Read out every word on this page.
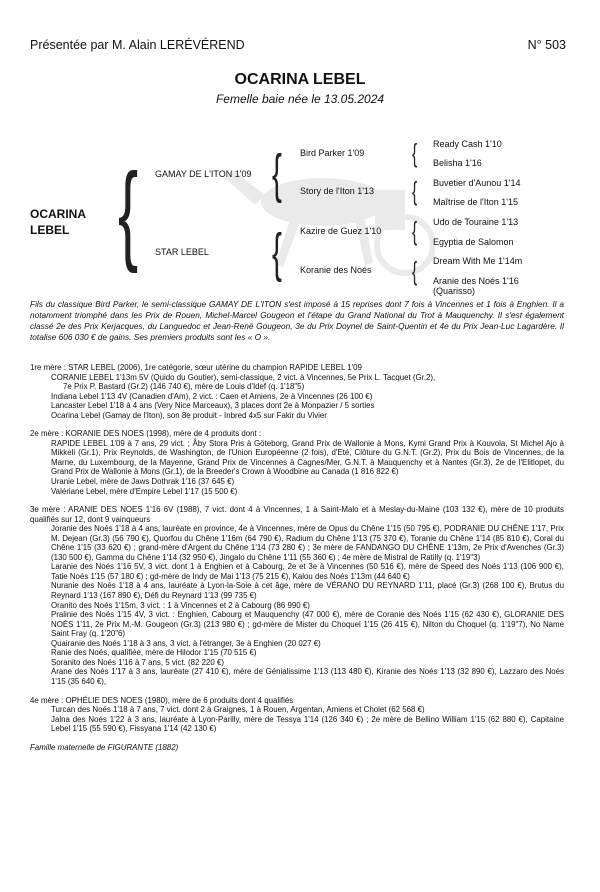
Présentée par M. Alain LERÉVÉREND	N° 503
OCARINA LEBEL
Femelle baie née le 13.05.2024
OCARINA
LEBEL { GAMAY DE L'ITON 1'09
STAR LEBEL
{
{
Bird Parker 1'09
Story de l'Iton 1'13
Kazire de Guez 1'10
Koranie des Noés
{
{
{
{
Ready Cash 1'10
Belisha 1'16
Buvetier d'Aunou 1'14
Maîtrise de l'Iton 1'15
Udo de Touraine 1'13
Egyptia de Salomon
Dream With Me 1'14m
Aranie des Noés 1'16
(Quarisso)
Fils du classique Bird Parker, le semi-classique GAMAY DE L'ITON s'est imposé à 15 reprises dont 7 fois à Vincennes et 1 fois à Enghien. Il a notamment triomphé dans les Prix de Rouen, Michel-Marcel Gougeon et l'étape du Grand National du Trot à Mauquenchy. Il s'est également classé 2e des Prix Kerjacques, du Languedoc et Jean-René Gougeon, 3e du Prix Doynel de Saint-Quentin et 4e du Prix Jean-Luc Lagardère. Il totalise 606 030 € de gains. Ses premiers produits sont les « O ».

1re mère : STAR LEBEL (2006), 1re catégorie, sœur utérine du champion RAPIDE LEBEL 1'09

CORANIE LEBEL 1'13m 5V (Quido du Goutier), semi-classique, 2 vict. à Vincennes, 5e Prix L. Tacquet (Gr.2),

7e Prix P. Bastard (Gr.2) (146 740 €), mère de Louis d'Idef (q. 1'18"5)

Indiana Lebel 1'13 4V (Canadien d'Am), 2 vict. : Caen et Amiens, 2e à Vincennes (26 100 €)

Lancaster Lebel 1'18 à 4 ans (Very Nice Marceaux), 3 places dont 2e à Monpazier / 5 sorties

Ocarina Lebel (Gamay de l'Iton), son 8e produit - Inbred 4x5 sur Fakir du Vivier

2e mère : KORANIE DES NOES (1998), mère de 4 produits dont :

RAPIDE LEBEL 1'09 à 7 ans, 29 vict. ; Åby Stora Pris à Göteborg, Grand Prix de Wallonie à Mons, Kymi Grand Prix à Kouvola, St Michel Ajo à Mikkeli (Gr.1), Prix Reynolds, de Washington, de l'Union Européenne (2 fois), d'Eté, Clôture du G.N.T. (Gr.2), Prix du Bois de Vincennes, de la Marne, du Luxembourg, de la Mayenne, Grand Prix de Vincennes à Cagnes/Mer, G.N.T. à Mauquenchy et à Nantes (Gr.3), 2e de l'Elitlopet, du Grand Prix de Wallonie à Mons (Gr.1), de la Breeder's Crown à Woodbine au Canada (1 816 822 €)

Uranie Lebel, mère de Jaws Dothrak 1'16 (37 645 €)

Valériane Lebel, mère d'Empire Lebel 1'17 (15 500 €)

3e mère : ARANIE DES NOES 1'16 6V (1988), 7 vict. dont 4 à Vincennes, 1 à Saint-Malo et à Meslay-du-Maine (103 132 €), mère de 10 produits qualifiés sur 12, dont 9 vainqueurs

Joranie des Noés 1'18 à 4 ans, lauréate en province, 4e à Vincennes, mère de Opus du Chêne 1'15 (50 795 €), PODRANIE DU CHÊNE 1'17, Prix M. Dejean (Gr.3) (56 790 €), Quorfou du Chêne 1'16m (64 790 €), Radium du Chêne 1'13 (75 370 €), Toranie du Chêne 1'14 (85 810 €), Coral du Chêne 1'15 (33 620 €) ; grand-mère d'Argent du Chêne 1'14 (73 280 €) ; 3e mère de FANDANGO DU CHÊNE 1'13m, 2e Prix d'Avenches (Gr.3) (130 500 €), Gamma du Chêne 1'14 (32 950 €), Jingalo du Chêne 1'11 (55 360 €) ; 4e mère de Mistral de Ratilly (q. 1'19"3)

Laranie des Noés 1'16 5V, 3 vict. dont 1 à Enghien et à Cabourg, 2e et 3e à Vincennes (50 516 €), mère de Speed des Noés 1'13 (106 900 €), Tatie Noés 1'15 (57 180 €) ; gd-mère de Indy de Mai 1'13 (75 215 €), Kalou des Noés 1'13m (44 640 €)

Nuranie des Noés 1'18 à 4 ans, lauréate à Lyon-la-Soie à cet âge, mère de VÉRANO DU REYNARD 1'11, placé (Gr.3) (268 100 €), Brutus du Reynard 1'13 (167 890 €), Défi du Reynard 1'13 (99 735 €)

Oranito des Noés 1'15m, 3 vict. : 1 à Vincennes et 2 à Cabourg (86 990 €)

Pralinie des Noés 1'15 4V, 3 vict. : Enghien, Cabourg et Mauquenchy (47 000 €), mère de Coranie des Noés 1'15 (62 430 €), GLORANIE DES NOÉS 1'11, 2e Prix M.-M. Gougeon (Gr.3) (213 980 €) ; gd-mère de Mister du Choquel 1'15 (26 415 €), Nilton du Choquel (q. 1'19"7), No Name Saint Fray (q. 1'20"6)

Quairanie des Noés 1'18 à 3 ans, 3 vict. à l'étranger, 3e à Enghien (20 027 €)

Ranie des Noés, qualifiée, mère de Hilodor 1'15 (70 515 €)

Soranito des Noés 1'16 à 7 ans, 5 vict. (82 220 €)

Arane des Noés 1'17 à 3 ans, lauréate (27 410 €), mère de Génialissime 1'13 (113 480 €), Kiranie des Noés 1'13 (32 890 €), Lazzaro des Noés 1'15 (35 640 €),

4e mère : OPHÉLIE DES NOES (1980), mère de 6 produits dont 4 qualifiés

Turcan des Noés 1'18 à 7 ans, 7 vict. dont 2 à Graignes, 1 à Rouen, Argentan, Amiens et Cholet (62 568 €)

Jalna des Noés 1'22 à 3 ans, lauréate à Lyon-Parilly, mère de Tessya 1'14 (126 340 €) ; 2e mère de Bellino William 1'15 (62 880 €), Capitaine Lebel 1'15 (55 590 €), Fissyana 1'14 (42 130 €)

Famille maternelle de FIGURANTE (1882)
